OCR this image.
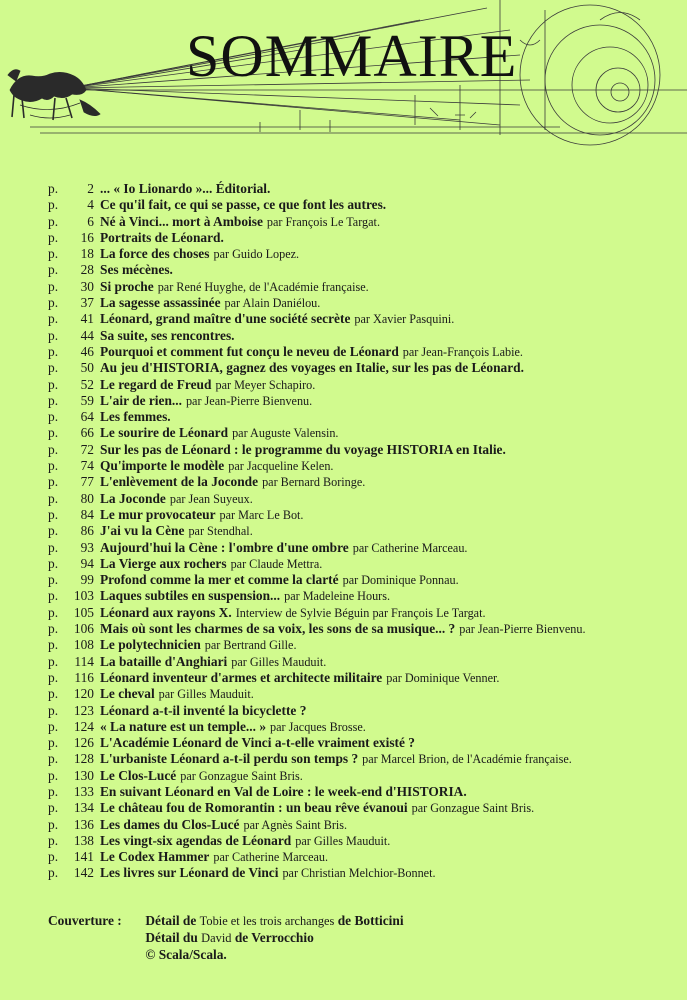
SOMMAIRE
p.	2 ... « Io Lionardo »... Éditorial.
p.	4 Ce qu'il fait, ce qui se passe, ce que font les autres.
p.	6 Né à Vinci... mort à Amboise par François Le Targat.
p.	16 Portraits de Léonard.
p.	18 La force des choses par Guido Lopez.
p.	28 Ses mécènes.
p.	30 Si proche par René Huyghe, de l'Académie française.
p.	37 La sagesse assassinée par Alain Daniélou.
p.	41 Léonard, grand maître d'une société secrète par Xavier Pasquini.
p.	44 Sa suite, ses rencontres.
p.	46 Pourquoi et comment fut conçu le neveu de Léonard par Jean-François Labie.
p.	50 Au jeu d'HISTORIA, gagnez des voyages en Italie, sur les pas de Léonard.
p.	52 Le regard de Freud par Meyer Schapiro.
p.	59 L'air de rien... par Jean-Pierre Bienvenu.
p.	64 Les femmes.
p.	66 Le sourire de Léonard par Auguste Valensin.
p.	72 Sur les pas de Léonard : le programme du voyage HISTORIA en Italie.
p.	74 Qu'importe le modèle par Jacqueline Kelen.
p.	77 L'enlèvement de la Joconde par Bernard Boringe.
p.	80 La Joconde par Jean Suyeux.
p.	84 Le mur provocateur par Marc Le Bot.
p.	86 J'ai vu la Cène par Stendhal.
p.	93 Aujourd'hui la Cène : l'ombre d'une ombre par Catherine Marceau.
p.	94 La Vierge aux rochers par Claude Mettra.
p.	99 Profond comme la mer et comme la clarté par Dominique Ponnau.
p.	103 Laques subtiles en suspension... par Madeleine Hours.
p.	105 Léonard aux rayons X. Interview de Sylvie Béguin par François Le Targat.
p.	106 Mais où sont les charmes de sa voix, les sons de sa musique... ? par Jean-Pierre Bienvenu.
p.	108 Le polytechnicien par Bertrand Gille.
p.	114 La bataille d'Anghiari par Gilles Mauduit.
p.	116 Léonard inventeur d'armes et architecte militaire par Dominique Venner.
p.	120 Le cheval par Gilles Mauduit.
p.	123 Léonard a-t-il inventé la bicyclette ?
p.	124 « La nature est un temple... » par Jacques Brosse.
p.	126 L'Académie Léonard de Vinci a-t-elle vraiment existé ?
p.	128 L'urbaniste Léonard a-t-il perdu son temps ? par Marcel Brion, de l'Académie française.
p.	130 Le Clos-Lucé par Gonzague Saint Bris.
p.	133 En suivant Léonard en Val de Loire : le week-end d'HISTORIA.
p.	134 Le château fou de Romorantin : un beau rêve évanoui par Gonzague Saint Bris.
p.	136 Les dames du Clos-Lucé par Agnès Saint Bris.
p.	138 Les vingt-six agendas de Léonard par Gilles Mauduit.
p.	141 Le Codex Hammer par Catherine Marceau.
p.	142 Les livres sur Léonard de Vinci par Christian Melchior-Bonnet.
Couverture : Détail de Tobie et les trois archanges de Botticini
Détail du David de Verrocchio
© Scala/Scala.
